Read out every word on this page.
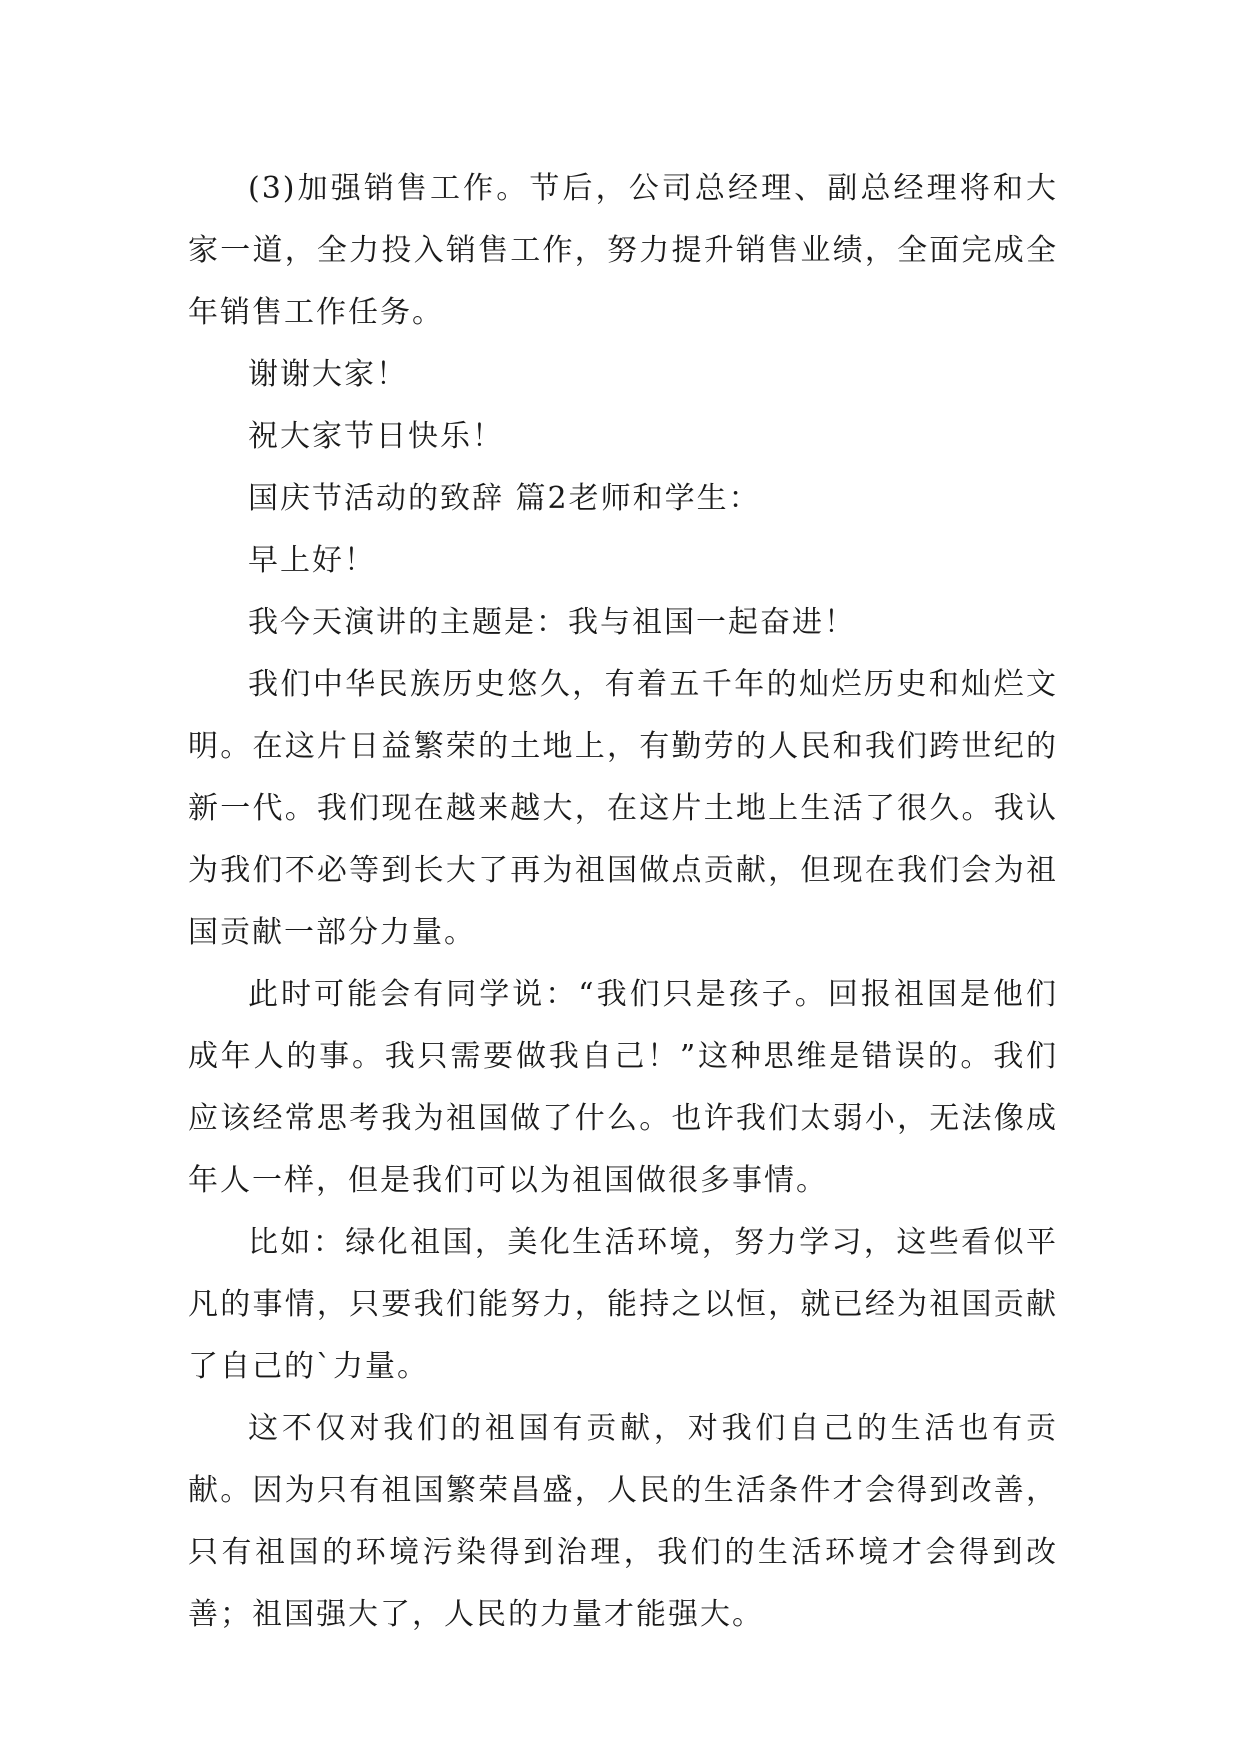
(3)加强销售工作。节后，公司总经理、副总经理将和大家一道，全力投入销售工作，努力提升销售业绩，全面完成全年销售工作任务。

谢谢大家！

祝大家节日快乐！

国庆节活动的致辞 篇2老师和学生：

早上好！

我今天演讲的主题是：我与祖国一起奋进！

我们中华民族历史悠久，有着五千年的灿烂历史和灿烂文明。在这片日益繁荣的土地上，有勤劳的人民和我们跨世纪的新一代。我们现在越来越大，在这片土地上生活了很久。我认为我们不必等到长大了再为祖国做点贡献，但现在我们会为祖国贡献一部分力量。

此时可能会有同学说：“我们只是孩子。回报祖国是他们成年人的事。我只需要做我自己！”这种思维是错误的。我们应该经常思考我为祖国做了什么。也许我们太弱小，无法像成年人一样，但是我们可以为祖国做很多事情。

比如：绿化祖国，美化生活环境，努力学习，这些看似平凡的事情，只要我们能努力，能持之以恒，就已经为祖国贡献了自己的`力量。

这不仅对我们的祖国有贡献，对我们自己的生活也有贡献。因为只有祖国繁荣昌盛，人民的生活条件才会得到改善，只有祖国的环境污染得到治理，我们的生活环境才会得到改善；祖国强大了，人民的力量才能强大。
